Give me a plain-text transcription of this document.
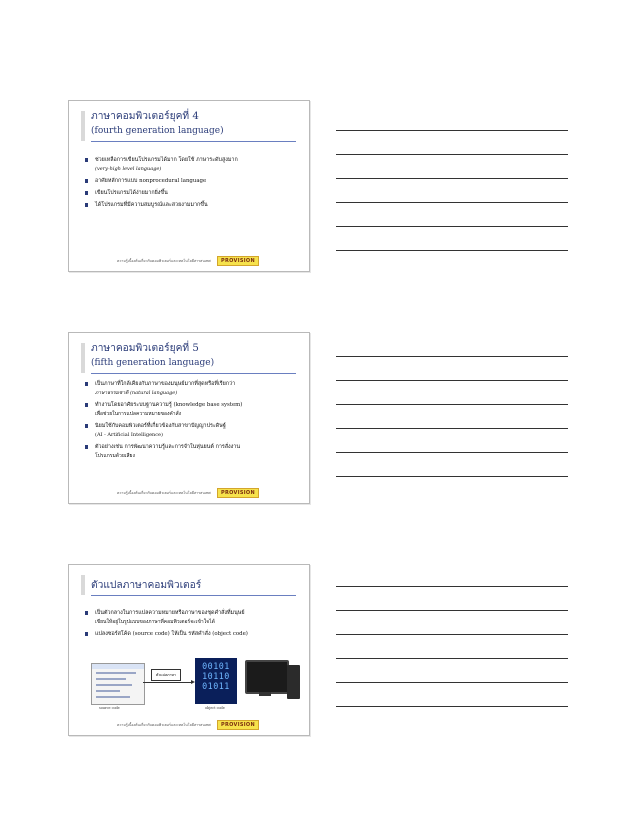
ภาษาคอมพิวเตอร์ยุคที่ 4
(fourth generation language)
ช่วยเหลือการเขียนโปรแกรมได้มาก โดยใช้ ภาษาระดับสูงมาก
(very-high level language)
อาศัยหลักการแบบ nonprocedural language
เขียนโปรแกรมได้ง่ายมากยิ่งขึ้น
ได้โปรแกรมที่มีความสมบูรณ์และสวยงามมากขึ้น
ความรู้เบื้องต้นเกี่ยวกับคอมพิวเตอร์และเทคโนโลยีสารสนเทศ	PROVISION
ภาษาคอมพิวเตอร์ยุคที่ 5
(fifth generation language)
เป็นภาษาที่ใกล้เคียงกับภาษาของมนุษย์มากที่สุดหรือที่เรียกว่า
ภาษาธรรมชาติ (natural language)
ทำงานโดยอาศัยระบบฐานความรู้ (knowledge base system)
เพื่อช่วยในการแปลความหมายของคำสั่ง
นิยมใช้กับคอมพิวเตอร์ที่เกี่ยวข้องกับสาขาปัญญาประดิษฐ์
(AI - Artificial Intelligence)
ตัวอย่างเช่น การพัฒนาความรู้และการจำในหุ่นยนต์ การสั่งงาน
โปรแกรมด้วยเสียง
ความรู้เบื้องต้นเกี่ยวกับคอมพิวเตอร์และเทคโนโลยีสารสนเทศ	PROVISION
ตัวแปลภาษาคอมพิวเตอร์
เป็นตัวกลางในการแปลความหมายหรือภาษาของชุดคำสั่งที่มนุษย์
เขียนให้อยู่ในรูปแบบของภาษาที่คอมพิวเตอร์จะเข้าใจได้
แปลงซอร์สโค้ด (source code) ให้เป็น รหัสคำสั่ง (object code)
source code
ตัวแปลภาษา
00101
10110
01011
object code
ความรู้เบื้องต้นเกี่ยวกับคอมพิวเตอร์และเทคโนโลยีสารสนเทศ	PROVISION
